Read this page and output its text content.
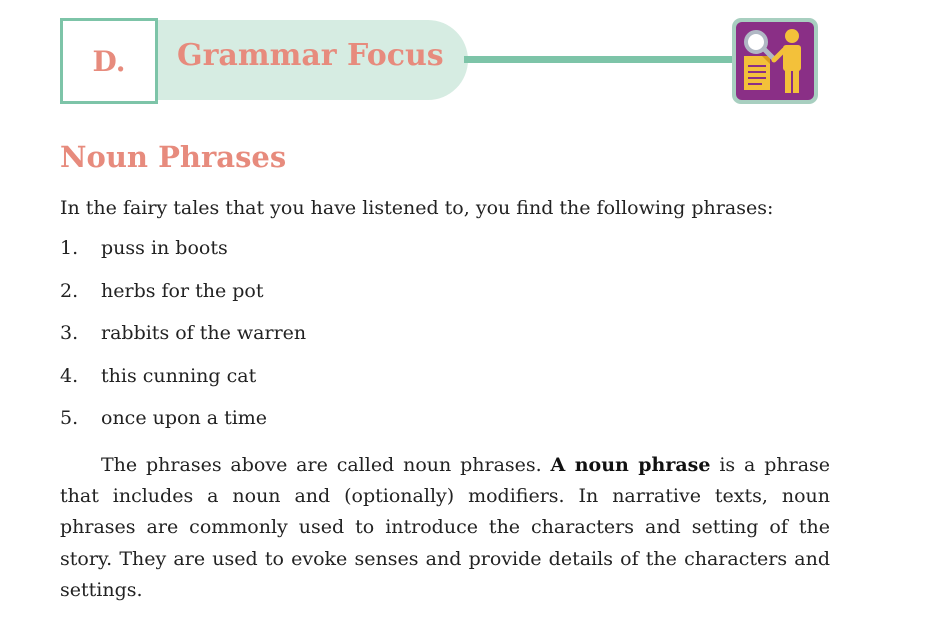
D. Grammar Focus
Noun Phrases
In the fairy tales that you have listened to, you find the following phrases:
1.	puss in boots
2.	herbs for the pot
3.	rabbits of the warren
4.	this cunning cat
5.	once upon a time

The phrases above are called noun phrases. A noun phrase is a phrase that includes a noun and (optionally) modifiers. In narrative texts, noun phrases are commonly used to introduce the characters and setting of the story. They are used to evoke senses and provide details of the characters and settings.
